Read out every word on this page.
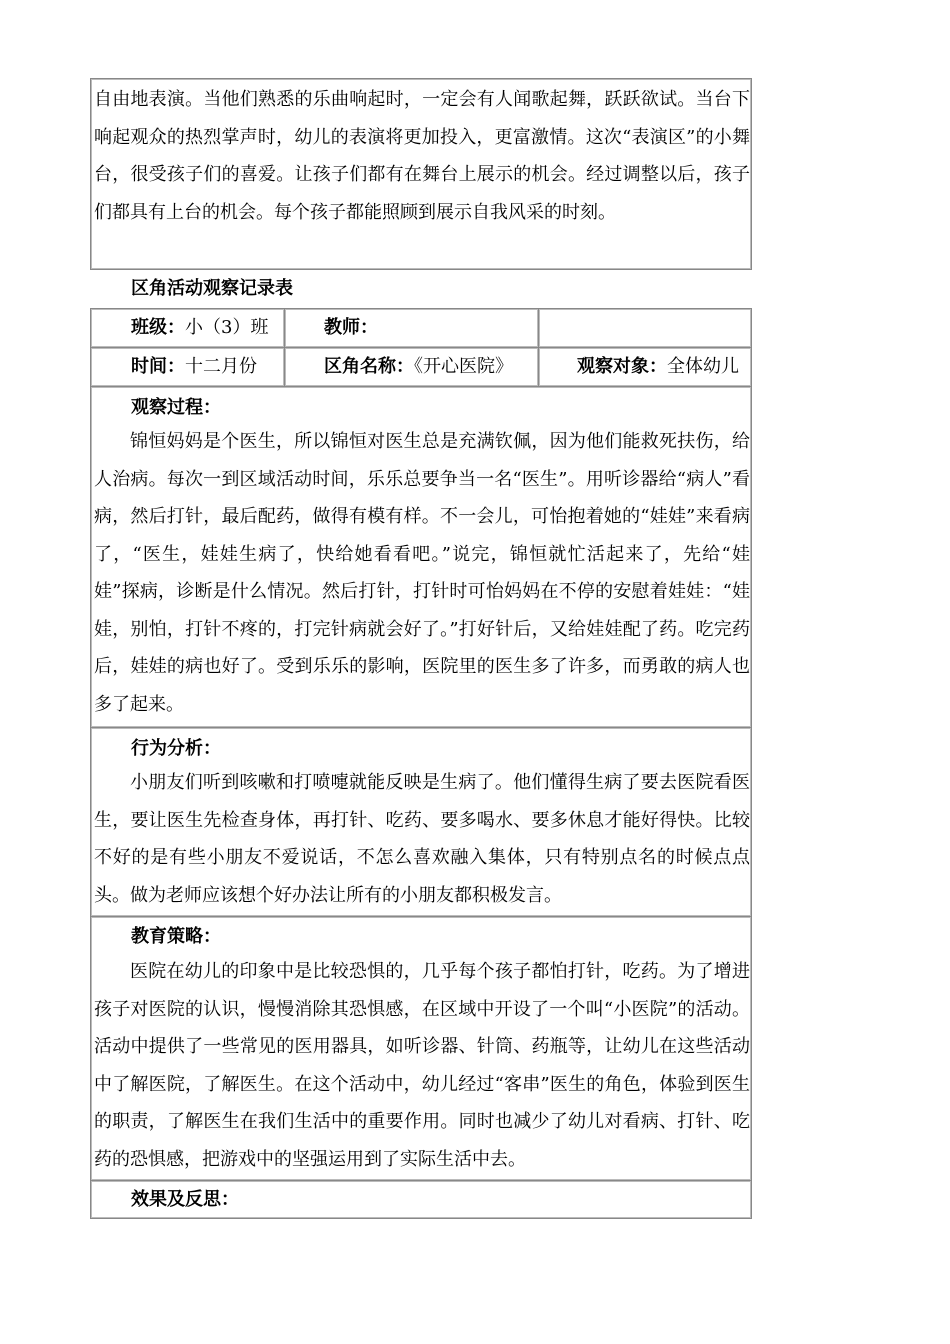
自由地表演。当他们熟悉的乐曲响起时，一定会有人闻歌起舞，跃跃欲试。当台下响起观众的热烈掌声时，幼儿的表演将更加投入，更富激情。这次“表演区”的小舞台，很受孩子们的喜爱。让孩子们都有在舞台上展示的机会。经过调整以后，孩子们都具有上台的机会。每个孩子都能照顾到展示自我风采的时刻。
区角活动观察记录表
班级：小（3）班	教师：
时间：十二月份	区角名称：《开心医院》	观察对象：全体幼儿
观察过程：
锦恒妈妈是个医生，所以锦恒对医生总是充满钦佩，因为他们能救死扶伤，给人治病。每次一到区域活动时间，乐乐总要争当一名“医生”。用听诊器给“病人”看病，然后打针，最后配药，做得有模有样。不一会儿，可怡抱着她的“娃娃”来看病了，“医生，娃娃生病了，快给她看看吧。”说完，锦恒就忙活起来了，先给“娃娃”探病，诊断是什么情况。然后打针，打针时可怡妈妈在不停的安慰着娃娃：“娃娃，别怕，打针不疼的，打完针病就会好了。”打好针后，又给娃娃配了药。吃完药后，娃娃的病也好了。受到乐乐的影响，医院里的医生多了许多，而勇敢的病人也多了起来。
行为分析：
小朋友们听到咳嗽和打喷嚏就能反映是生病了。他们懂得生病了要去医院看医生，要让医生先检查身体，再打针、吃药、要多喝水、要多休息才能好得快。比较不好的是有些小朋友不爱说话，不怎么喜欢融入集体，只有特别点名的时候点点头。做为老师应该想个好办法让所有的小朋友都积极发言。
教育策略：
医院在幼儿的印象中是比较恐惧的，几乎每个孩子都怕打针，吃药。为了增进孩子对医院的认识，慢慢消除其恐惧感，在区域中开设了一个叫“小医院”的活动。活动中提供了一些常见的医用器具，如听诊器、针筒、药瓶等，让幼儿在这些活动中了解医院，了解医生。在这个活动中，幼儿经过“客串”医生的角色，体验到医生的职责，了解医生在我们生活中的重要作用。同时也减少了幼儿对看病、打针、吃药的恐惧感，把游戏中的坚强运用到了实际生活中去。
效果及反思：
